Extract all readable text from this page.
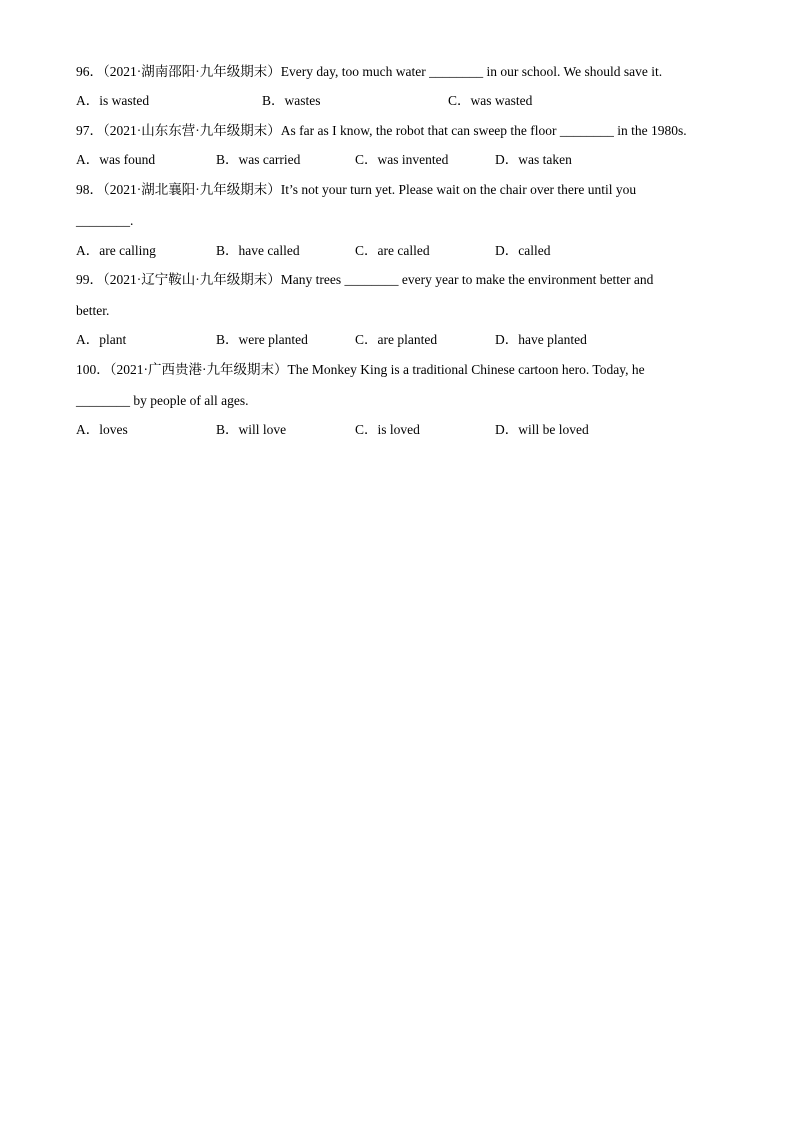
96．（2021·湖南邵阳·九年级期末）Every day, too much water ________ in our school. We should save it.
A．is wasted	B．wastes	C．was wasted
97．（2021·山东东营·九年级期末）As far as I know, the robot that can sweep the floor ________ in the 1980s.
A．was found	B．was carried	C．was invented	D．was taken
98．（2021·湖北襄阳·九年级期末）It’s not your turn yet. Please wait on the chair over there until you
________.
A．are calling	B．have called	C．are called	D．called
99．（2021·辽宁鞍山·九年级期末）Many trees ________ every year to make the environment better and
better.
A．plant	B．were planted	C．are planted	D．have planted
100．（2021·广西贵港·九年级期末）The Monkey King is a traditional Chinese cartoon hero. Today, he
________ by people of all ages.
A．loves	B．will love	C．is loved	D．will be loved
